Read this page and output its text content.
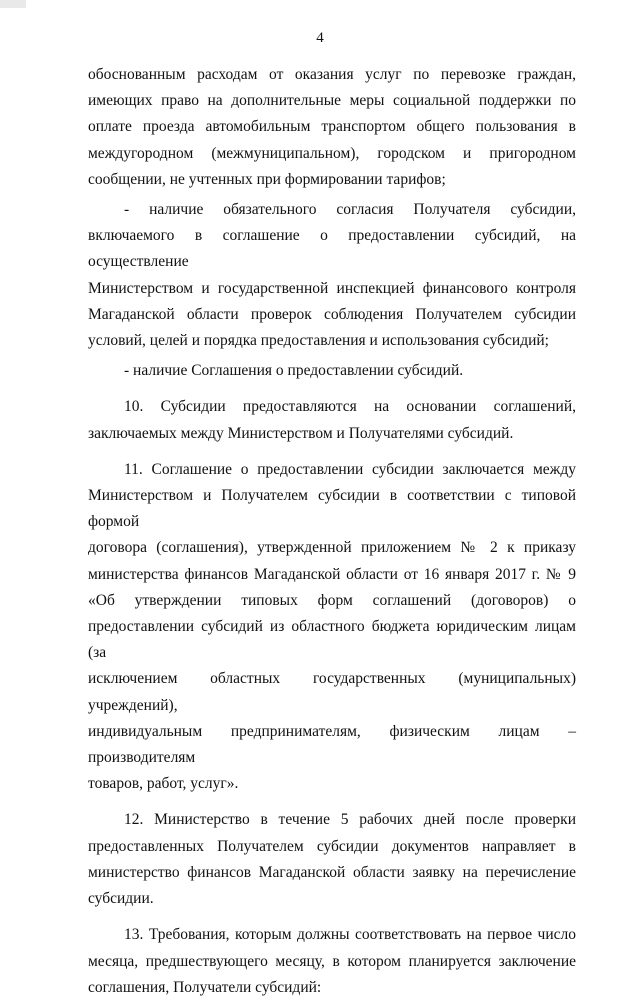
4
обоснованным расходам от оказания услуг по перевозке граждан,
имеющих право на дополнительные меры социальной поддержки по
оплате проезда автомобильным транспортом общего пользования в
междугородном (межмуниципальном), городском и пригородном
сообщении, не учтенных при формировании тарифов;
- наличие обязательного согласия Получателя субсидии,
включаемого в соглашение о предоставлении субсидий, на осуществление
Министерством и государственной инспекцией финансового контроля
Магаданской области проверок соблюдения Получателем субсидии
условий, целей и порядка предоставления и использования субсидий;
- наличие Соглашения о предоставлении субсидий.
10. Субсидии предоставляются на основании соглашений,
заключаемых между Министерством и Получателями субсидий.
11. Соглашение о предоставлении субсидии заключается между
Министерством и Получателем субсидии в соответствии с типовой формой
договора (соглашения), утвержденной приложением № 2 к приказу
министерства финансов Магаданской области от 16 января 2017 г. № 9
«Об утверждении типовых форм соглашений (договоров) о
предоставлении субсидий из областного бюджета юридическим лицам (за
исключением областных государственных (муниципальных) учреждений),
индивидуальным предпринимателям, физическим лицам – производителям
товаров, работ, услуг».
12. Министерство в течение 5 рабочих дней после проверки
предоставленных Получателем субсидии документов направляет в
министерство финансов Магаданской области заявку на перечисление
субсидии.
13. Требования, которым должны соответствовать на первое число
месяца, предшествующего месяцу, в котором планируется заключение
соглашения, Получатели субсидий:
